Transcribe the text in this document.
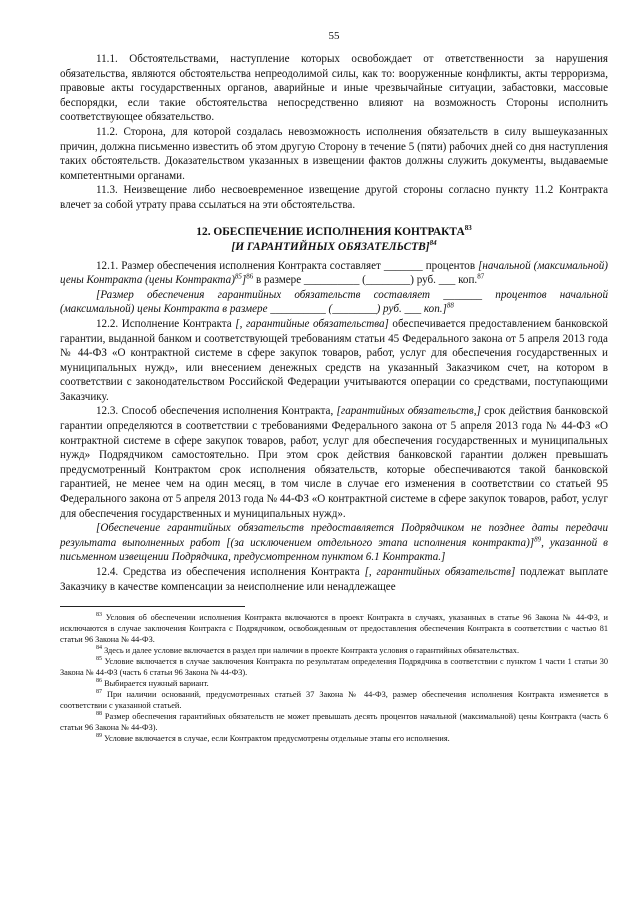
55

11.1. Обстоятельствами, наступление которых освобождает от ответственности за нарушения обязательства, являются обстоятельства непреодолимой силы, как то: вооруженные конфликты, акты терроризма, правовые акты государственных органов, аварийные и иные чрезвычайные ситуации, забастовки, массовые беспорядки, если такие обстоятельства непосредственно влияют на возможность Стороны исполнить соответствующее обязательство.

11.2. Сторона, для которой создалась невозможность исполнения обязательств в силу вышеуказанных причин, должна письменно известить об этом другую Сторону в течение 5 (пяти) рабочих дней со дня наступления таких обстоятельств. Доказательством указанных в извещении фактов должны служить документы, выдаваемые компетентными органами.

11.3. Неизвещение либо несвоевременное извещение другой стороны согласно пункту 11.2 Контракта влечет за собой утрату права ссылаться на эти обстоятельства.

12. ОБЕСПЕЧЕНИЕ ИСПОЛНЕНИЯ КОНТРАКТА$^{83}$
[И ГАРАНТИЙНЫХ ОБЯЗАТЕЛЬСТВ]$^{84}$

12.1. Размер обеспечения исполнения Контракта составляет _______ процентов [начальной (максимальной) цены Контракта (цены Контракта)$^{85}$]$^{86}$ в размере __________ (________) руб. ___ коп.$^{87}$

[Размер обеспечения гарантийных обязательств составляет _______ процентов начальной (максимальной) цены Контракта в размере __________ (________) руб. ___ коп.]$^{88}$

12.2. Исполнение Контракта [, гарантийные обязательства] обеспечивается предоставлением банковской гарантии, выданной банком и соответствующей требованиям статьи 45 Федерального закона от 5 апреля 2013 года № 44-ФЗ «О контрактной системе в сфере закупок товаров, работ, услуг для обеспечения государственных и муниципальных нужд», или внесением денежных средств на указанный Заказчиком счет, на котором в соответствии с законодательством Российской Федерации учитываются операции со средствами, поступающими Заказчику.

12.3. Способ обеспечения исполнения Контракта, [гарантийных обязательств,] срок действия банковской гарантии определяются в соответствии с требованиями Федерального закона от 5 апреля 2013 года № 44-ФЗ «О контрактной системе в сфере закупок товаров, работ, услуг для обеспечения государственных и муниципальных нужд» Подрядчиком самостоятельно. При этом срок действия банковской гарантии должен превышать предусмотренный Контрактом срок исполнения обязательств, которые обеспечиваются такой банковской гарантией, не менее чем на один месяц, в том числе в случае его изменения в соответствии со статьей 95 Федерального закона от 5 апреля 2013 года № 44-ФЗ «О контрактной системе в сфере закупок товаров, работ, услуг для обеспечения государственных и муниципальных нужд».

[Обеспечение гарантийных обязательств предоставляется Подрядчиком не позднее даты передачи результата выполненных работ [(за исключением отдельного этапа исполнения контракта)]$^{89}$, указанной в письменном извещении Подрядчика, предусмотренном пунктом 6.1 Контракта.]

12.4. Средства из обеспечения исполнения Контракта [, гарантийных обязательств] подлежат выплате Заказчику в качестве компенсации за неисполнение или ненадлежащее

$^{83}$ Условия об обеспечении исполнения Контракта включаются в проект Контракта в случаях, указанных в статье 96 Закона № 44-ФЗ, и исключаются в случае заключения Контракта с Подрядчиком, освобожденным от предоставления обеспечения Контракта в соответствии с частью 81 статьи 96 Закона № 44-ФЗ.

$^{84}$ Здесь и далее условие включается в раздел при наличии в проекте Контракта условия о гарантийных обязательствах.

$^{85}$ Условие включается в случае заключения Контракта по результатам определения Подрядчика в соответствии с пунктом 1 части 1 статьи 30 Закона № 44-ФЗ (часть 6 статьи 96 Закона № 44-ФЗ).

$^{86}$ Выбирается нужный вариант.

$^{87}$ При наличии оснований, предусмотренных статьей 37 Закона № 44-ФЗ, размер обеспечения исполнения Контракта изменяется в соответствии с указанной статьей.

$^{88}$ Размер обеспечения гарантийных обязательств не может превышать десять процентов начальной (максимальной) цены Контракта (часть 6 статьи 96 Закона № 44-ФЗ).

$^{89}$ Условие включается в случае, если Контрактом предусмотрены отдельные этапы его исполнения.
